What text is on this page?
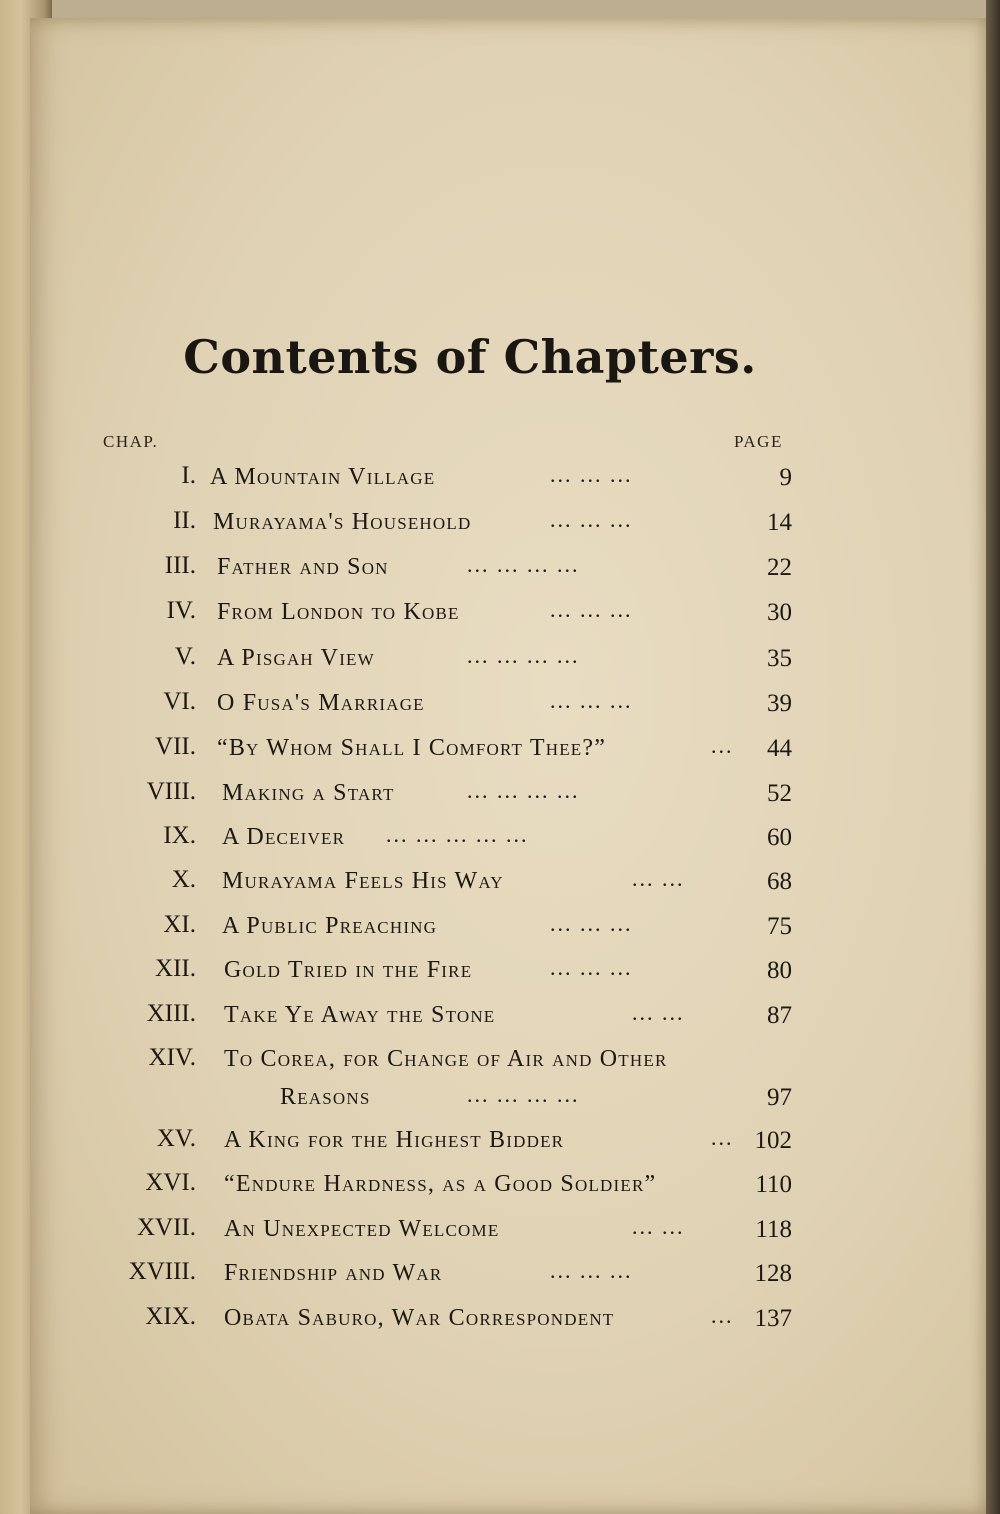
Contents of Chapters.
CHAP.	PAGE
I. A Mountain Village	... ... ...	9
II. Murayama's Household	... ... ...	14
III. Father and Son	... ... ... ...	22
IV. From London to Kobe	... ... ...	30
V. A Pisgah View	... ... ... ...	35
VI. O Fusa's Marriage	... ... ...	39
VII. “By Whom Shall I Comfort Thee?”	... 44
VIII. Making a Start	... ... ... ...	52
IX. A Deceiver ... ... ... ... ...	60
X. Murayama Feels His Way	... ...	68
XI. A Public Preaching	... ... ...	75
XII. Gold Tried in the Fire	... ... ...	80
XIII. Take Ye Away the Stone	... ...	87
XIV. To Corea, for Change of Air and Other
Reasons	... ... ... ...	97
XV. A King for the Highest Bidder	... 102
XVI. “Endure Hardness, as a Good Soldier”	110
XVII. An Unexpected Welcome	... ...	118
XVIII. Friendship and War	... ... ...	128
XIX. Obata Saburo, War Correspondent	... 137
